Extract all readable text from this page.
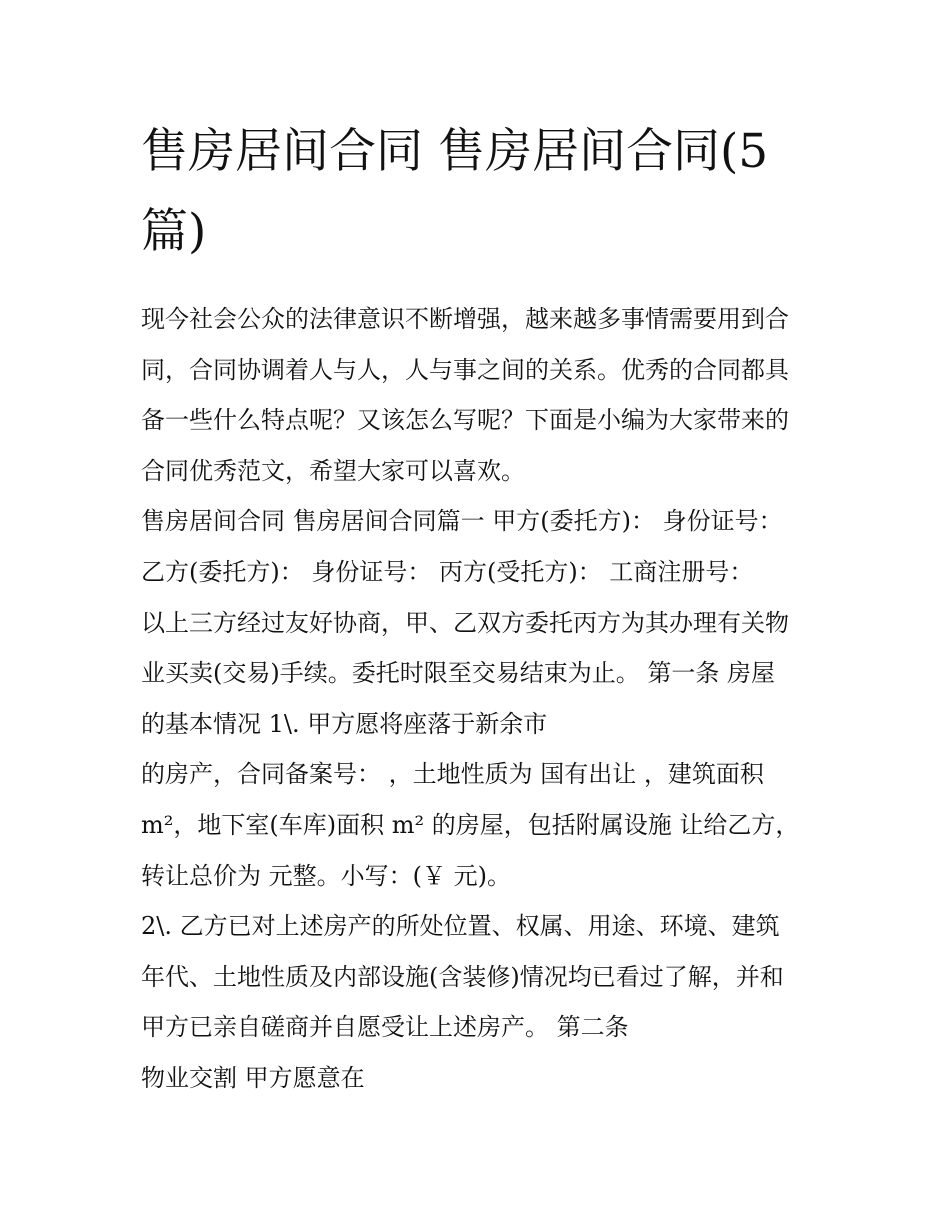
售房居间合同 售房居间合同(5
篇)

现今社会公众的法律意识不断增强，越来越多事情需要用到合
同，合同协调着人与人，人与事之间的关系。优秀的合同都具
备一些什么特点呢？又该怎么写呢？下面是小编为大家带来的
合同优秀范文，希望大家可以喜欢。

售房居间合同 售房居间合同篇一 甲方(委托方)： 身份证号：
乙方(委托方)： 身份证号： 丙方(受托方)： 工商注册号：
以上三方经过友好协商，甲、乙双方委托丙方为其办理有关物
业买卖(交易)手续。委托时限至交易结束为止。 第一条 房屋
的基本情况 1\. 甲方愿将座落于新余市

的房产，合同备案号： ，土地性质为 国有出让 ，建筑面积
m²，地下室(车库)面积 m² 的房屋，包括附属设施 让给乙方，
转让总价为 元整。小写：(￥ 元)。

2\. 乙方已对上述房产的所处位置、权属、用途、环境、建筑
年代、土地性质及内部设施(含装修)情况均已看过了解，并和
甲方已亲自磋商并自愿受让上述房产。 第二条

物业交割 甲方愿意在
